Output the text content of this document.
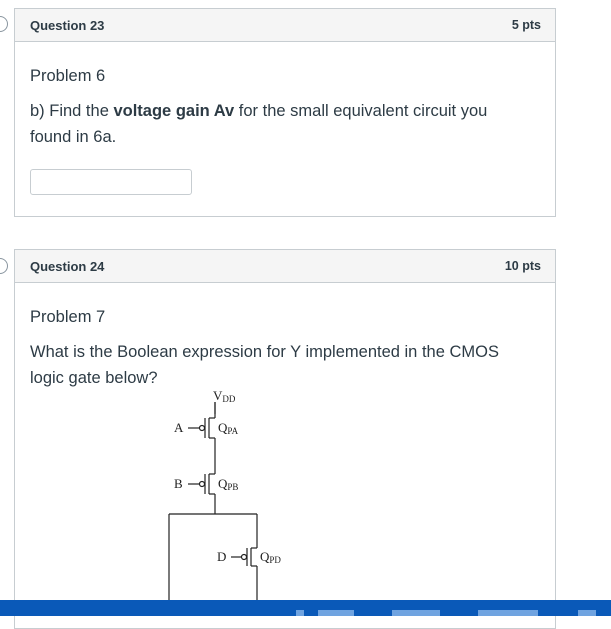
Question 23	5 pts

Problem 6

b) Find the voltage gain Av for the small equivalent circuit you found in 6a.

Question 24	10 pts

Problem 7

What is the Boolean expression for Y implemented in the CMOS logic gate below?

VDD
A	QPA
B	QPB
D	QPD
